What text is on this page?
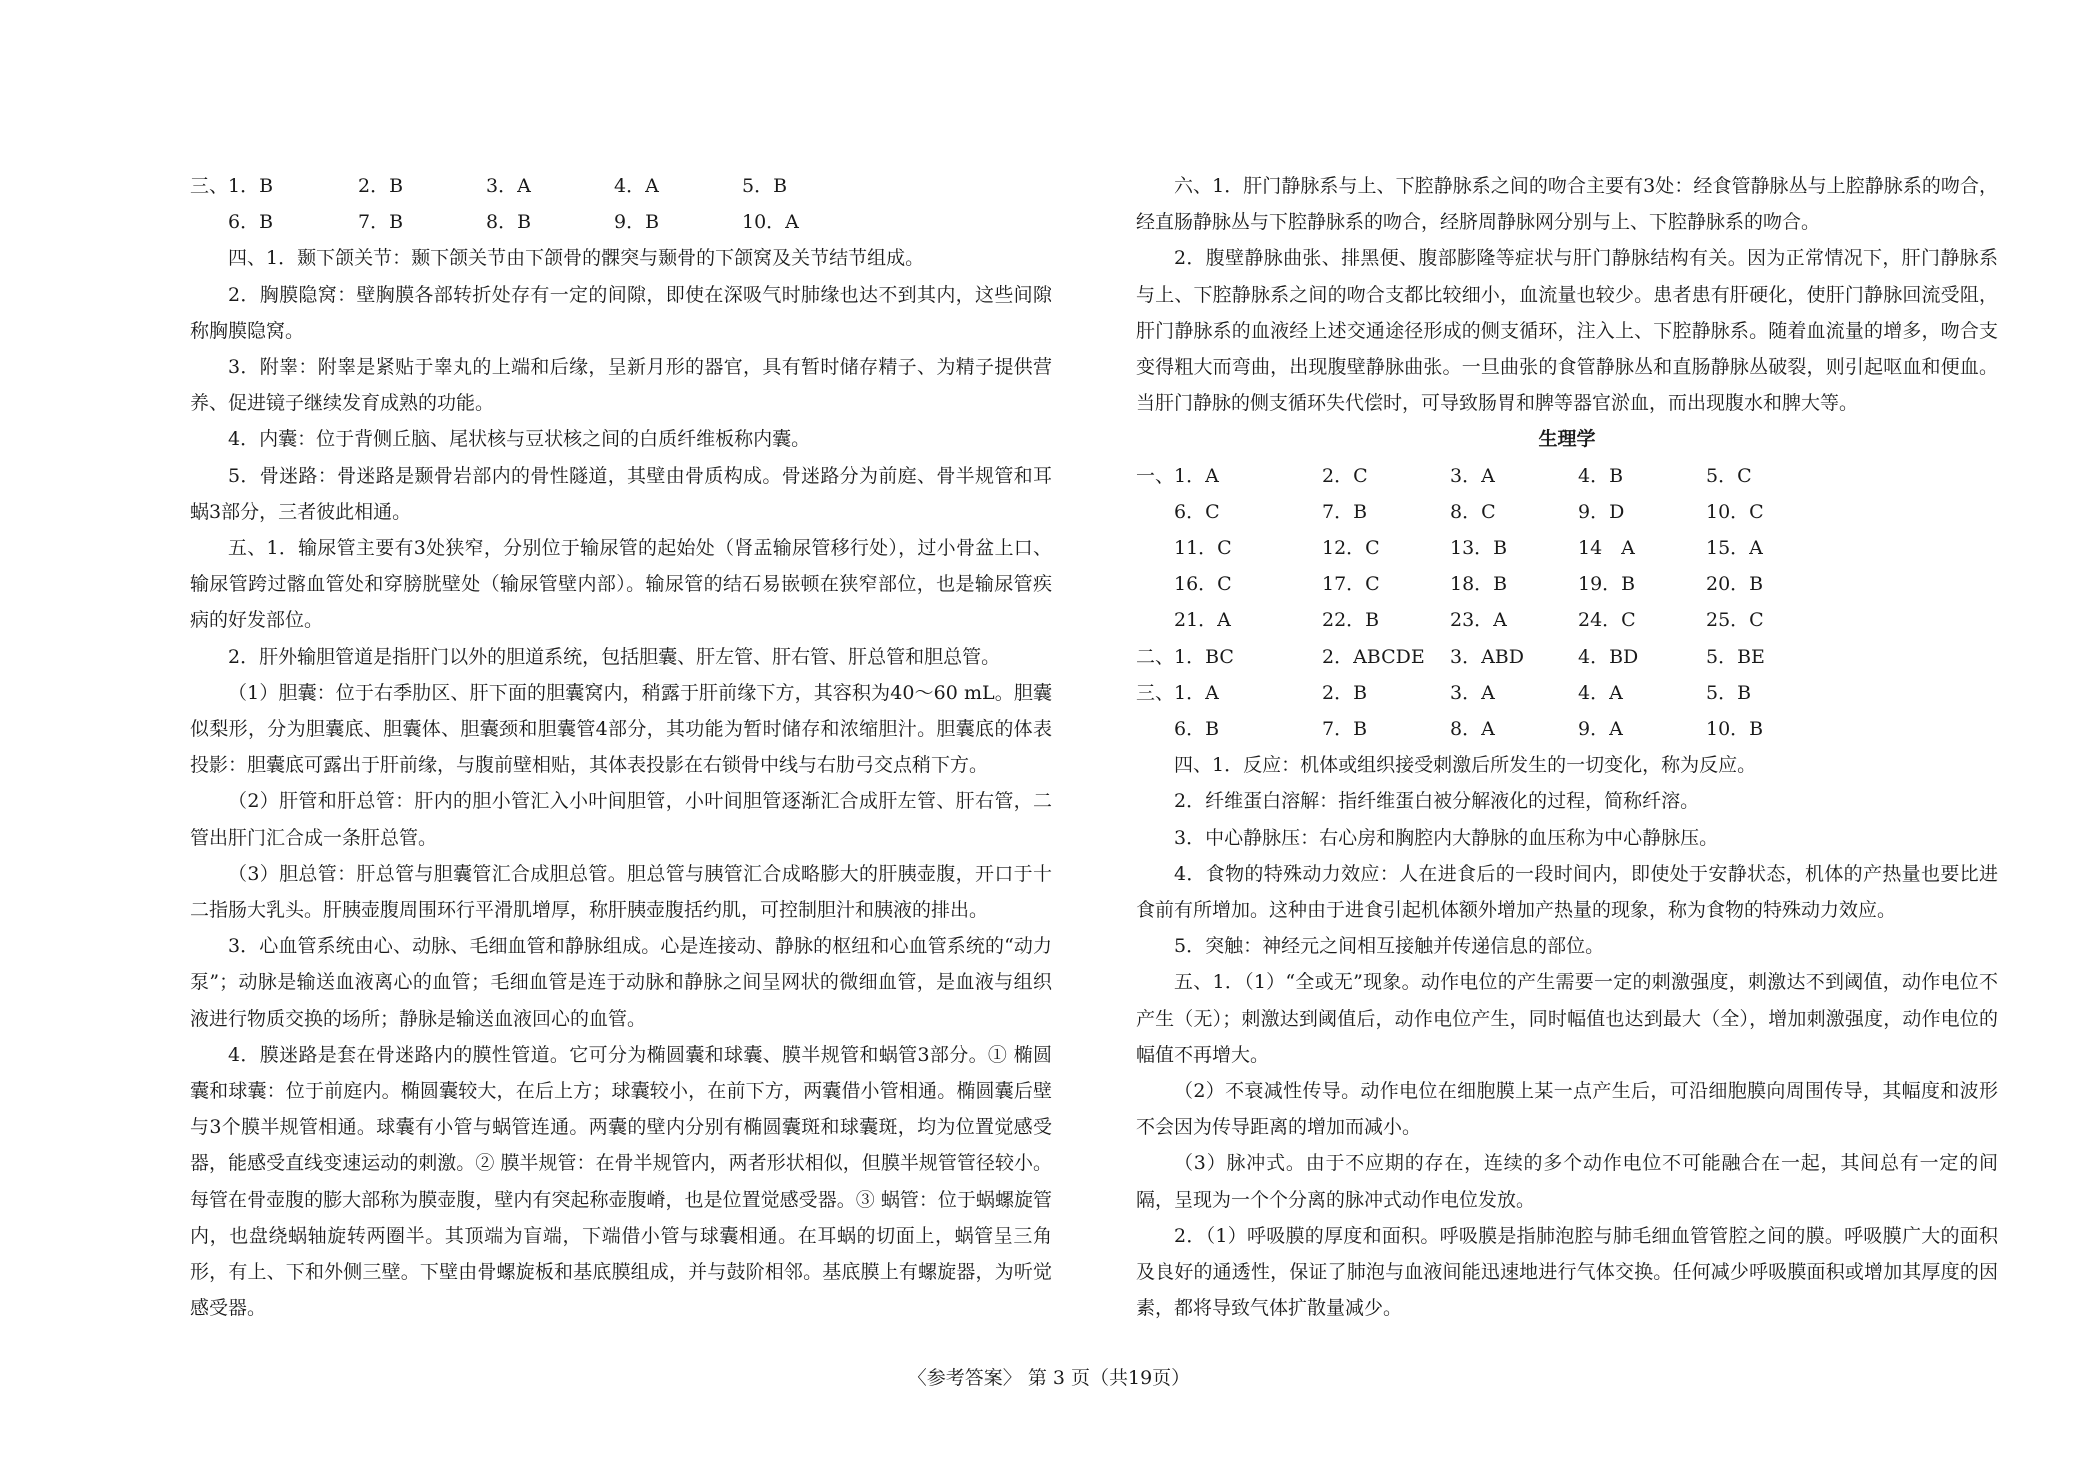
三、1．B	2．B	3．A	4．A	5．B
6．B	7．B	8．B	9．B	10．A

四、1．颞下颌关节：颞下颌关节由下颌骨的髁突与颞骨的下颌窝及关节结节组成。

2．胸膜隐窝：壁胸膜各部转折处存有一定的间隙，即使在深吸气时肺缘也达不到其内，这些间隙称胸膜隐窝。

3．附睾：附睾是紧贴于睾丸的上端和后缘，呈新月形的器官，具有暂时储存精子、为精子提供营养、促进镜子继续发育成熟的功能。

4．内囊：位于背侧丘脑、尾状核与豆状核之间的白质纤维板称内囊。

5．骨迷路：骨迷路是颞骨岩部内的骨性隧道，其壁由骨质构成。骨迷路分为前庭、骨半规管和耳蜗3部分，三者彼此相通。

五、1．输尿管主要有3处狭窄，分别位于输尿管的起始处（肾盂输尿管移行处），过小骨盆上口、输尿管跨过髂血管处和穿膀胱壁处（输尿管壁内部）。输尿管的结石易嵌顿在狭窄部位，也是输尿管疾病的好发部位。

2．肝外输胆管道是指肝门以外的胆道系统，包括胆囊、肝左管、肝右管、肝总管和胆总管。

（1）胆囊：位于右季肋区、肝下面的胆囊窝内，稍露于肝前缘下方，其容积为40～60 mL。胆囊似梨形，分为胆囊底、胆囊体、胆囊颈和胆囊管4部分，其功能为暂时储存和浓缩胆汁。胆囊底的体表投影：胆囊底可露出于肝前缘，与腹前壁相贴，其体表投影在右锁骨中线与右肋弓交点稍下方。

（2）肝管和肝总管：肝内的胆小管汇入小叶间胆管，小叶间胆管逐渐汇合成肝左管、肝右管，二管出肝门汇合成一条肝总管。

（3）胆总管：肝总管与胆囊管汇合成胆总管。胆总管与胰管汇合成略膨大的肝胰壶腹，开口于十二指肠大乳头。肝胰壶腹周围环行平滑肌增厚，称肝胰壶腹括约肌，可控制胆汁和胰液的排出。

3．心血管系统由心、动脉、毛细血管和静脉组成。心是连接动、静脉的枢纽和心血管系统的“动力泵”；动脉是输送血液离心的血管；毛细血管是连于动脉和静脉之间呈网状的微细血管，是血液与组织液进行物质交换的场所；静脉是输送血液回心的血管。

4．膜迷路是套在骨迷路内的膜性管道。它可分为椭圆囊和球囊、膜半规管和蜗管3部分。① 椭圆囊和球囊：位于前庭内。椭圆囊较大，在后上方；球囊较小，在前下方，两囊借小管相通。椭圆囊后壁与3个膜半规管相通。球囊有小管与蜗管连通。两囊的壁内分别有椭圆囊斑和球囊斑，均为位置觉感受器，能感受直线变速运动的刺激。② 膜半规管：在骨半规管内，两者形状相似，但膜半规管管径较小。每管在骨壶腹的膨大部称为膜壶腹，壁内有突起称壶腹嵴，也是位置觉感受器。③ 蜗管：位于蜗螺旋管内，也盘绕蜗轴旋转两圈半。其顶端为盲端，下端借小管与球囊相通。在耳蜗的切面上，蜗管呈三角形，有上、下和外侧三壁。下壁由骨螺旋板和基底膜组成，并与鼓阶相邻。基底膜上有螺旋器，为听觉感受器。

六、1．肝门静脉系与上、下腔静脉系之间的吻合主要有3处：经食管静脉丛与上腔静脉系的吻合，经直肠静脉丛与下腔静脉系的吻合，经脐周静脉网分别与上、下腔静脉系的吻合。

2．腹壁静脉曲张、排黑便、腹部膨隆等症状与肝门静脉结构有关。因为正常情况下，肝门静脉系与上、下腔静脉系之间的吻合支都比较细小，血流量也较少。患者患有肝硬化，使肝门静脉回流受阻，肝门静脉系的血液经上述交通途径形成的侧支循环，注入上、下腔静脉系。随着血流量的增多，吻合支变得粗大而弯曲，出现腹壁静脉曲张。一旦曲张的食管静脉丛和直肠静脉丛破裂，则引起呕血和便血。当肝门静脉的侧支循环失代偿时，可导致肠胃和脾等器官淤血，而出现腹水和脾大等。

生理学

一、1．A	2．C	3．A	4．B	5．C
6．C	7．B	8．C	9．D	10．C
11．C	12．C	13．B	14　A	15．A
16．C	17．C	18．B	19．B	20．B
21．A	22．B	23．A	24．C	25．C
二、1．BC	2．ABCDE 3．ABD	4．BD	5．BE
三、1．A	2．B	3．A	4．A	5．B
6．B	7．B	8．A	9．A	10．B

四、1．反应：机体或组织接受刺激后所发生的一切变化，称为反应。

2．纤维蛋白溶解：指纤维蛋白被分解液化的过程，简称纤溶。

3．中心静脉压：右心房和胸腔内大静脉的血压称为中心静脉压。

4．食物的特殊动力效应：人在进食后的一段时间内，即使处于安静状态，机体的产热量也要比进食前有所增加。这种由于进食引起机体额外增加产热量的现象，称为食物的特殊动力效应。

5．突触：神经元之间相互接触并传递信息的部位。

五、1．（1）“全或无”现象。动作电位的产生需要一定的刺激强度，刺激达不到阈值，动作电位不产生（无）；刺激达到阈值后，动作电位产生，同时幅值也达到最大（全），增加刺激强度，动作电位的幅值不再增大。

（2）不衰减性传导。动作电位在细胞膜上某一点产生后，可沿细胞膜向周围传导，其幅度和波形不会因为传导距离的增加而减小。

（3）脉冲式。由于不应期的存在，连续的多个动作电位不可能融合在一起，其间总有一定的间隔，呈现为一个个分离的脉冲式动作电位发放。

2．（1）呼吸膜的厚度和面积。呼吸膜是指肺泡腔与肺毛细血管管腔之间的膜。呼吸膜广大的面积及良好的通透性，保证了肺泡与血液间能迅速地进行气体交换。任何减少呼吸膜面积或增加其厚度的因素，都将导致气体扩散量减少。

〈参考答案〉 第 3 页（共19页）
